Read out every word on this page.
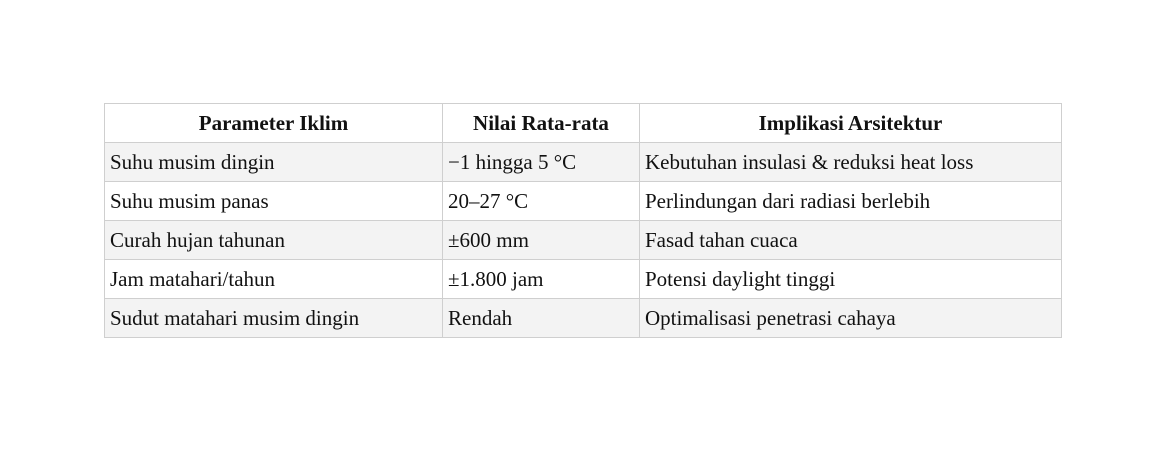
Parameter Iklim	Nilai Rata-rata	Implikasi Arsitektur
Suhu musim dingin	−1 hingga 5 °C	Kebutuhan insulasi & reduksi heat loss
Suhu musim panas	20–27 °C	Perlindungan dari radiasi berlebih
Curah hujan tahunan	±600 mm	Fasad tahan cuaca
Jam matahari/tahun	±1.800 jam	Potensi daylight tinggi
Sudut matahari musim dingin	Rendah	Optimalisasi penetrasi cahaya
